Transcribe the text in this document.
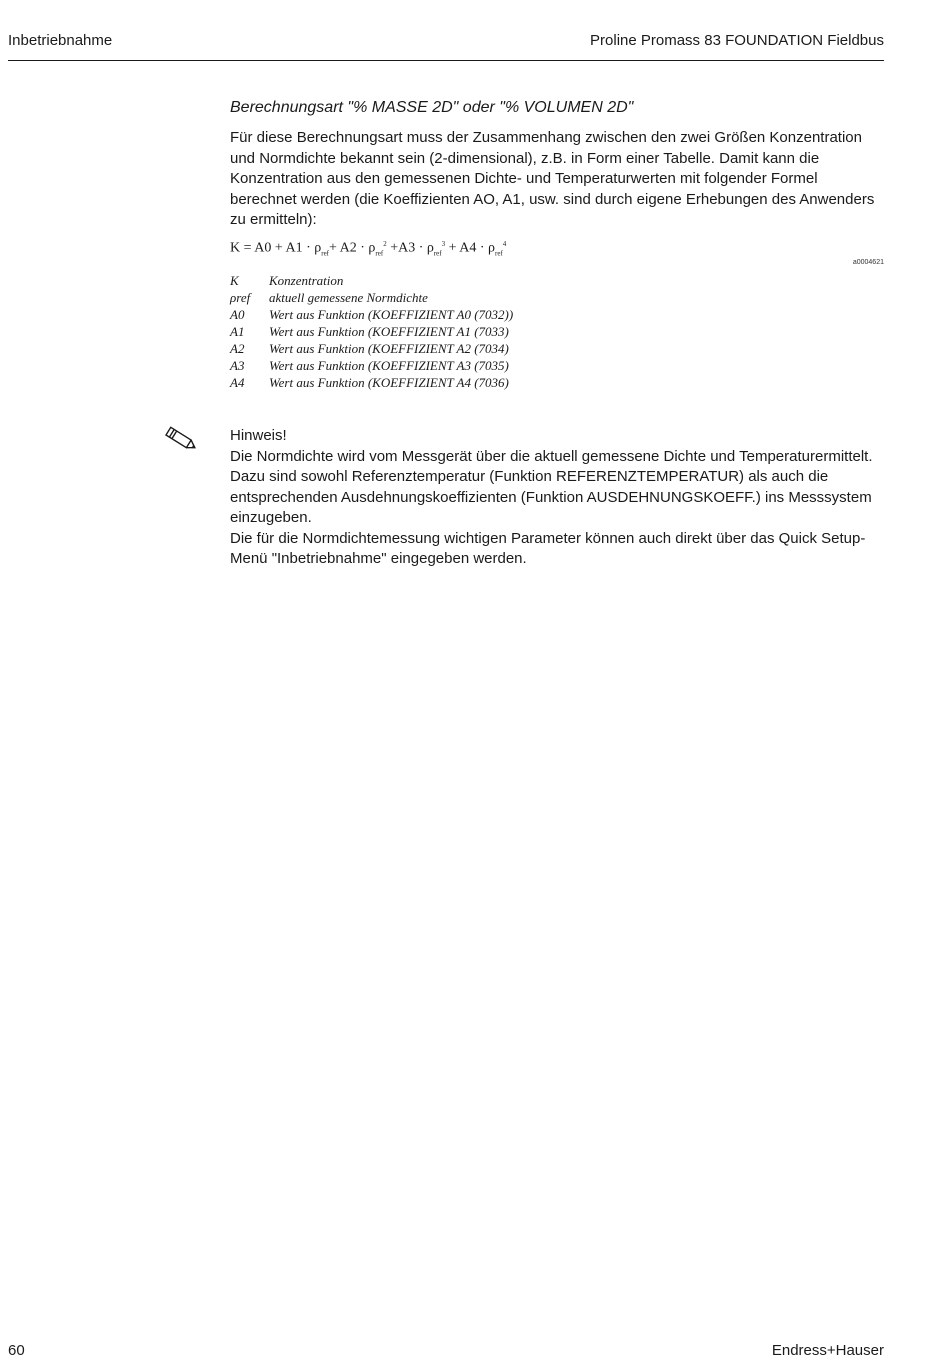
Inbetriebnahme	Proline Promass 83 FOUNDATION Fieldbus
Berechnungsart "% MASSE 2D" oder "% VOLUMEN 2D"
Für diese Berechnungsart muss der Zusammenhang zwischen den zwei Größen Konzentration und Normdichte bekannt sein (2-dimensional), z.B. in Form einer Tabelle. Damit kann die Konzentration aus den gemessenen Dichte- und Temperaturwerten mit folgender Formel berechnet werden (die Koeffizienten AO, A1, usw. sind durch eigene Erhebungen des Anwenders zu ermitteln):
$K = A0 + A1 \cdot \rho_{ref}+ A2 \cdot \rho_{ref}^2 +A3 \cdot \rho_{ref}^3 + A4 \cdot \rho_{ref}^4$
a0004621
K	Konzentration
ρref	aktuell gemessene Normdichte
A0	Wert aus Funktion (KOEFFIZIENT A0 (7032))
A1	Wert aus Funktion (KOEFFIZIENT A1 (7033)
A2	Wert aus Funktion (KOEFFIZIENT A2 (7034)
A3	Wert aus Funktion (KOEFFIZIENT A3 (7035)
A4	Wert aus Funktion (KOEFFIZIENT A4 (7036)

Hinweis!

Die Normdichte wird vom Messgerät über die aktuell gemessene Dichte und Temperaturermittelt. Dazu sind sowohl Referenztemperatur (Funktion REFERENZTEMPERATUR) als auch die entsprechenden Ausdehnungskoeffizienten (Funktion AUSDEHNUNGSKOEFF.) ins Messsystem einzugeben.

Die für die Normdichtemessung wichtigen Parameter können auch direkt über das Quick Setup-Menü "Inbetriebnahme" eingegeben werden.

60	Endress+Hauser
